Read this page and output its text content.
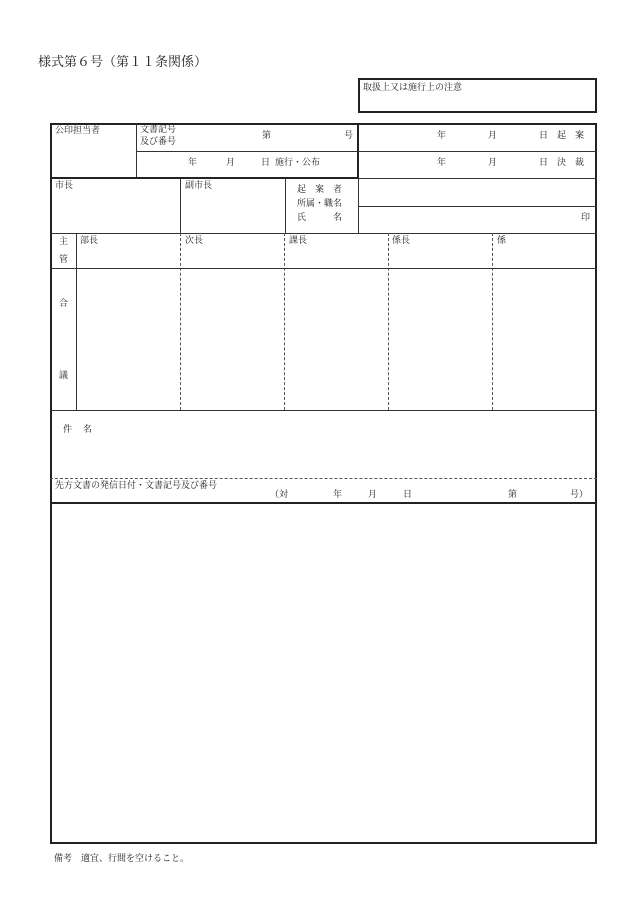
様式第６号（第１１条関係）
取扱上又は施行上の注意
公印担当者	文書記号
及び番号
第	号
年	月	日 施行・公布
年	月	日 起　案
年	月	日 決　裁
市長	副市長	起　案　者
所属・職名
氏　　　名	印
主
管
部長	次長	課長	係長	係
合
議
件 名
先方文書の発信日付・文書記号及び番号
（対	年	月	日	第	号）
備考　適宜、行間を空けること。
